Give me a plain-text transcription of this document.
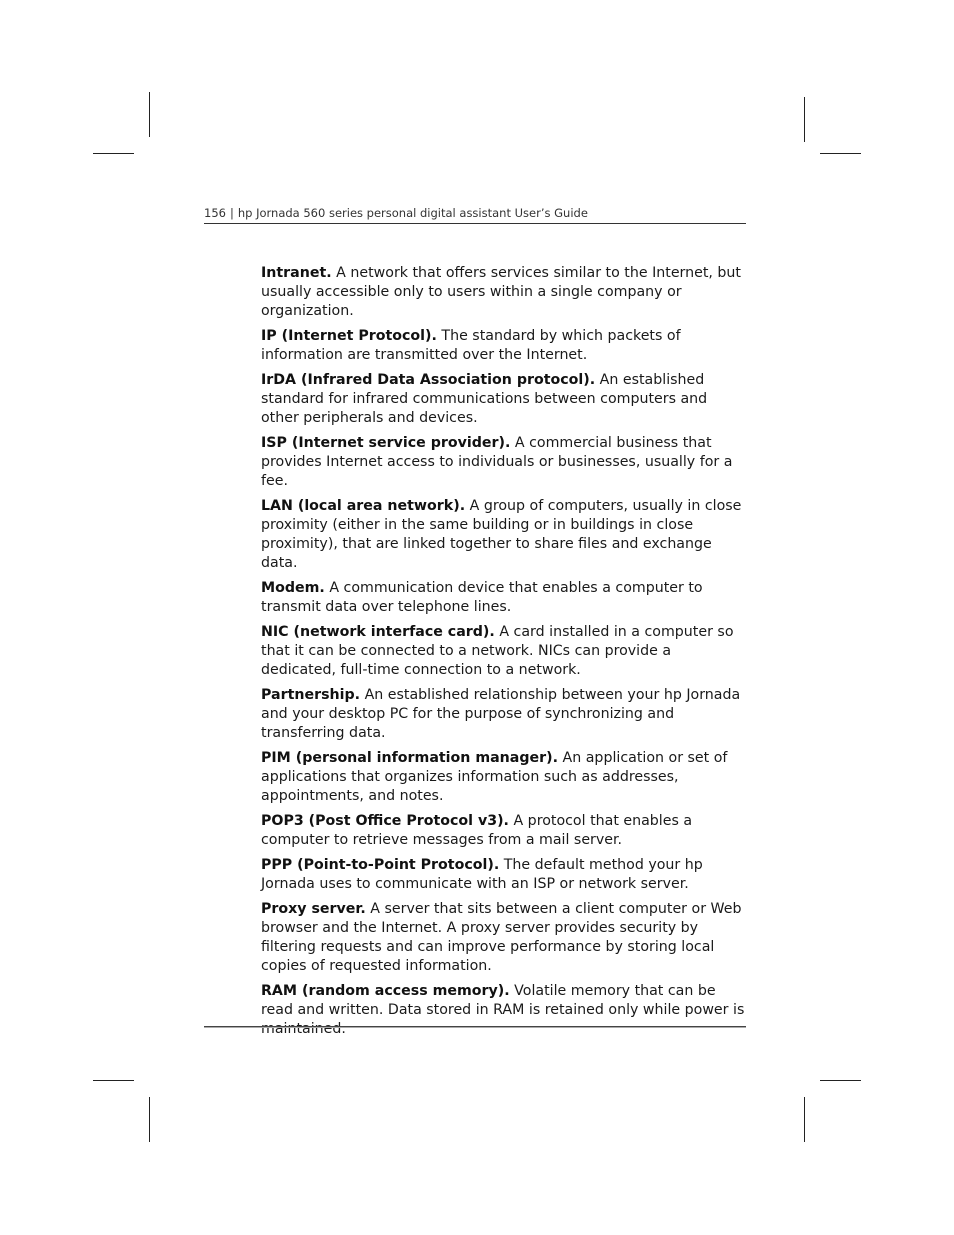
156 | hp Jornada 560 series personal digital assistant User’s Guide

Intranet. A network that offers services similar to the Internet, but usually accessible only to users within a single company or organization.

IP (Internet Protocol). The standard by which packets of information are transmitted over the Internet.

IrDA (Infrared Data Association protocol). An established standard for infrared communications between computers and other peripherals and devices.

ISP (Internet service provider). A commercial business that provides Internet access to individuals or businesses, usually for a fee.

LAN (local area network). A group of computers, usually in close proximity (either in the same building or in buildings in close proximity), that are linked together to share files and exchange data.

Modem. A communication device that enables a computer to transmit data over telephone lines.

NIC (network interface card). A card installed in a computer so that it can be connected to a network. NICs can provide a dedicated, full-time connection to a network.

Partnership. An established relationship between your hp Jornada and your desktop PC for the purpose of synchronizing and transferring data.

PIM (personal information manager). An application or set of applications that organizes information such as addresses, appointments, and notes.

POP3 (Post Office Protocol v3). A protocol that enables a computer to retrieve messages from a mail server.

PPP (Point-to-Point Protocol). The default method your hp Jornada uses to communicate with an ISP or network server.

Proxy server. A server that sits between a client computer or Web browser and the Internet. A proxy server provides security by filtering requests and can improve performance by storing local copies of requested information.

RAM (random access memory). Volatile memory that can be read and written. Data stored in RAM is retained only while power is maintained.
